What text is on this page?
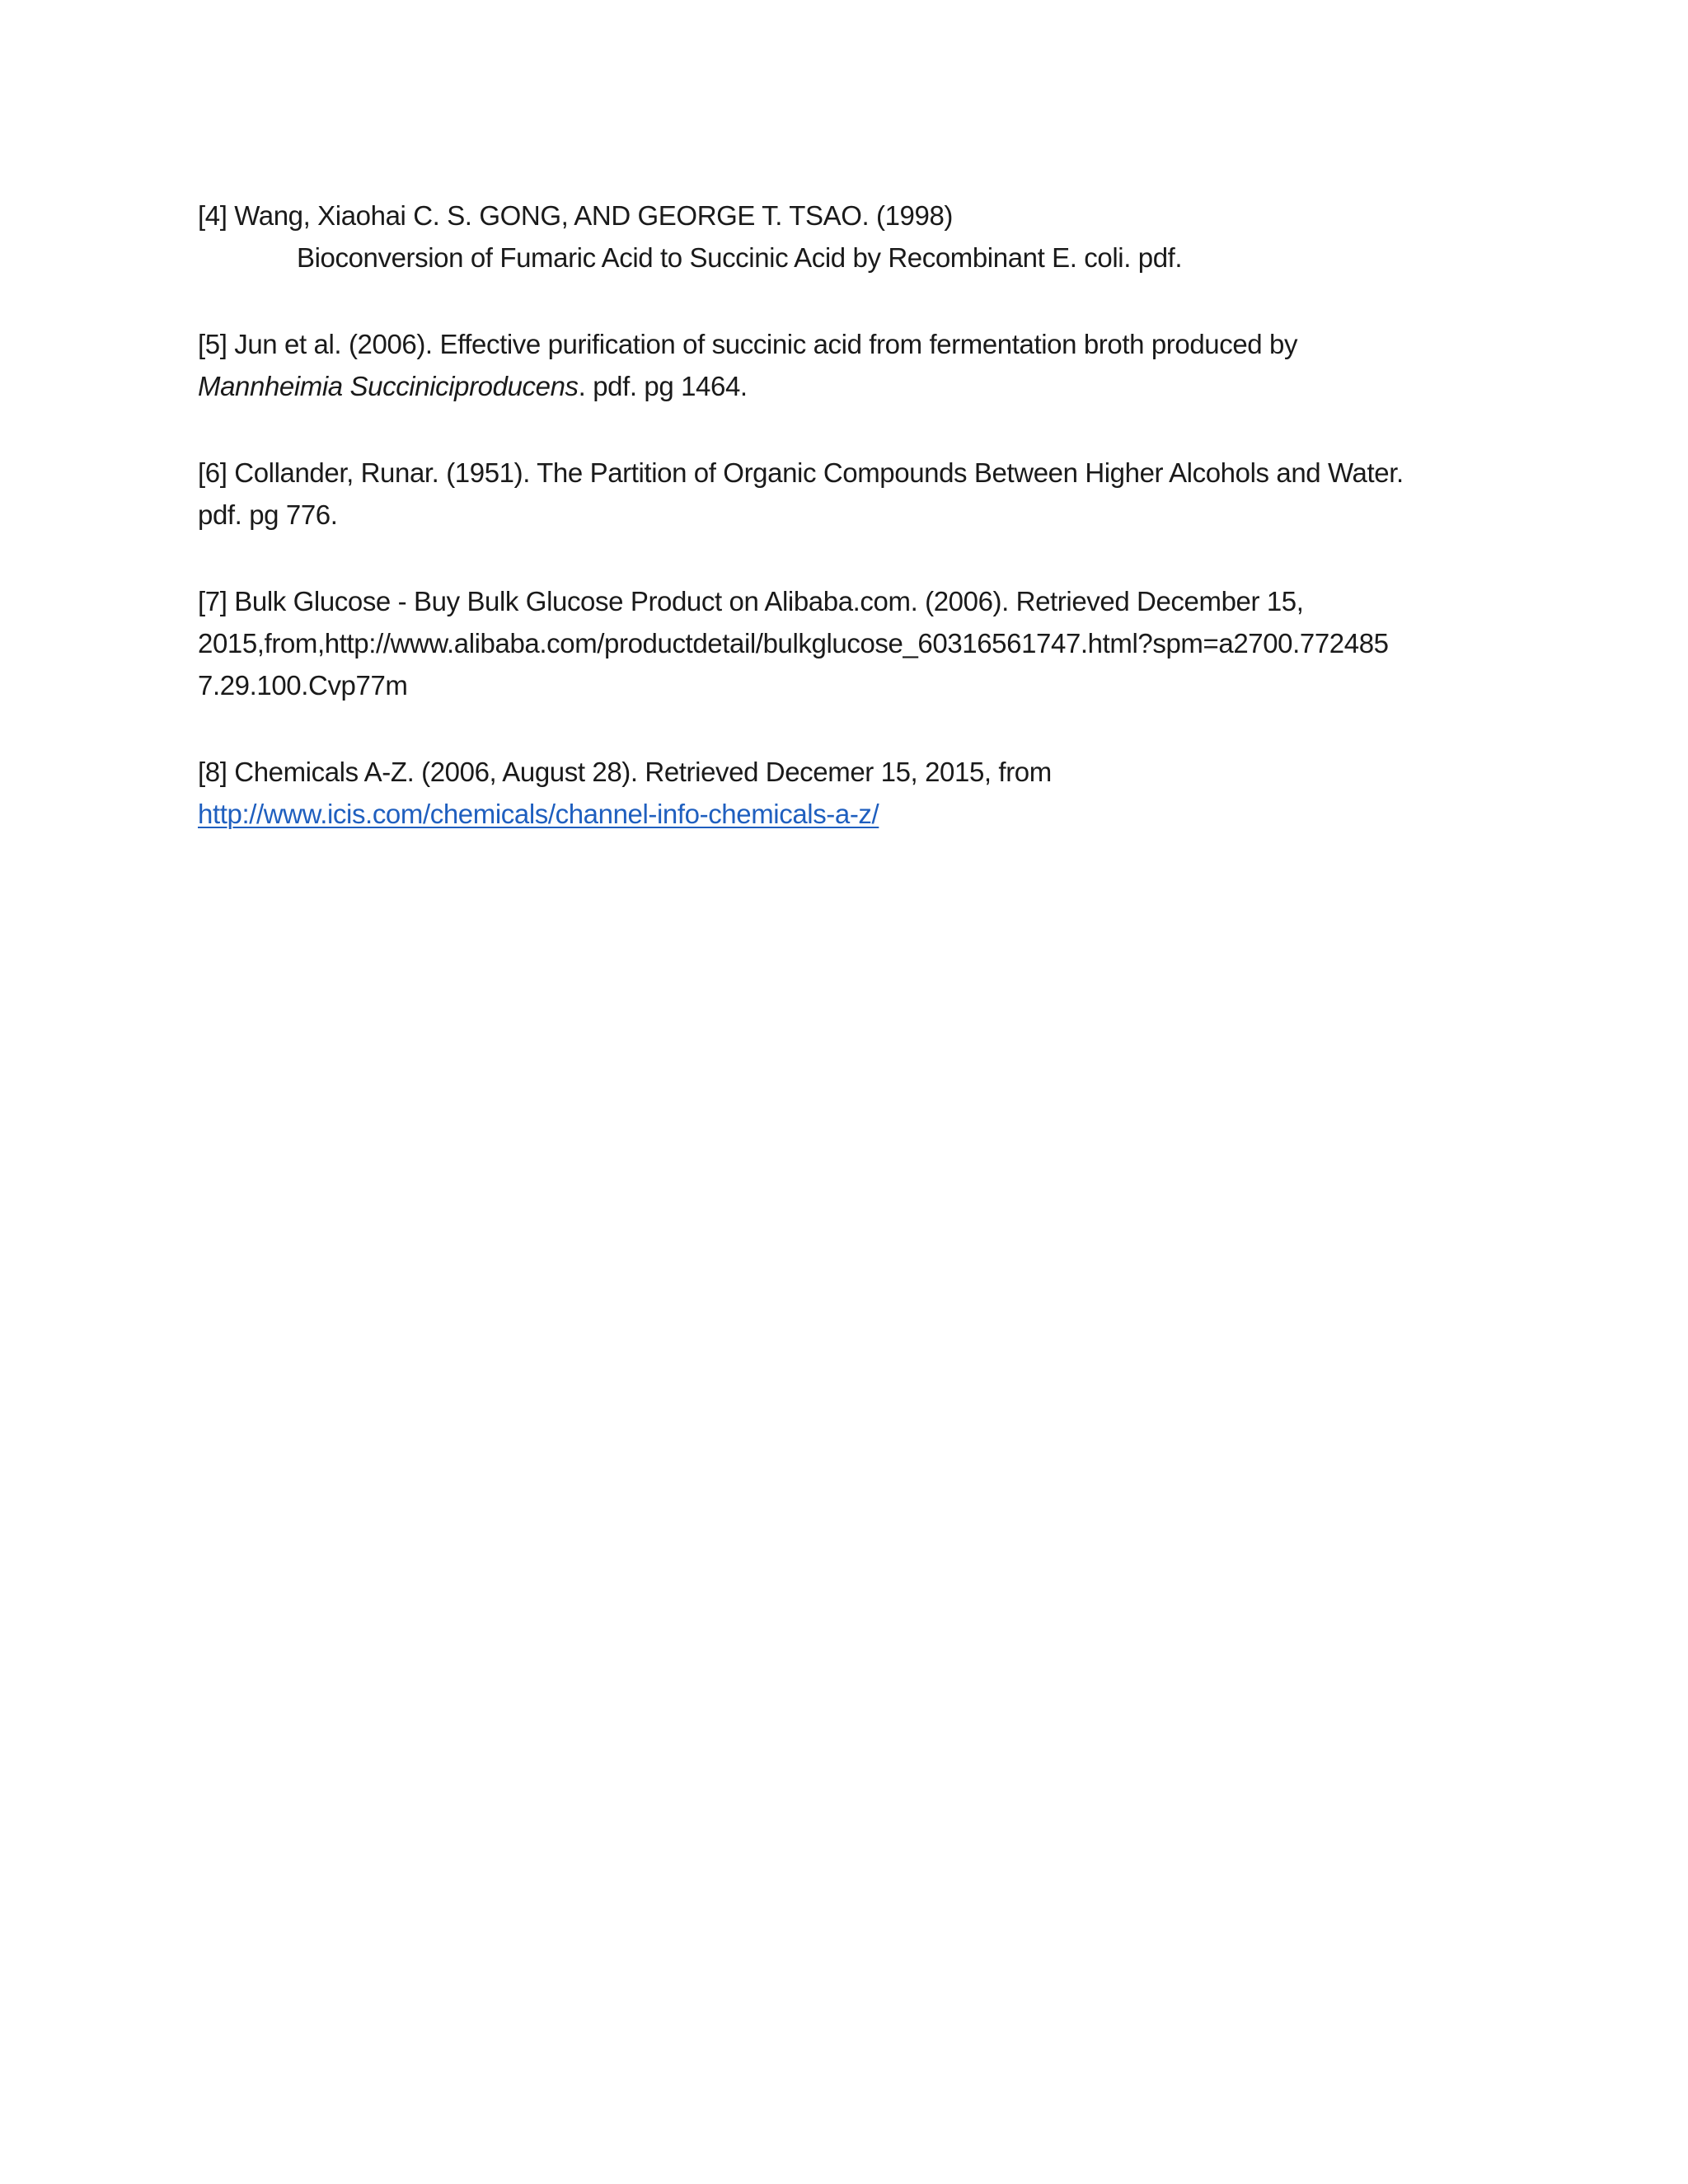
[4] Wang, Xiaohai C. S. GONG, AND GEORGE T. TSAO. (1998)

Bioconversion of Fumaric Acid to Succinic Acid by Recombinant E. coli. pdf.

[5] Jun et al. (2006). Effective purification of succinic acid from fermentation broth produced by

Mannheimia Succiniciproducens. pdf. pg 1464.

[6] Collander, Runar. (1951). The Partition of Organic Compounds Between Higher Alcohols and Water.

pdf. pg 776.

[7] Bulk Glucose - Buy Bulk Glucose Product on Alibaba.com. (2006). Retrieved December 15,

2015,from,http://www.alibaba.com/productdetail/bulkglucose_60316561747.html?spm=a2700.772485

7.29.100.Cvp77m

[8] Chemicals A-Z. (2006, August 28). Retrieved Decemer 15, 2015, from

http://www.icis.com/chemicals/channel-info-chemicals-a-z/
